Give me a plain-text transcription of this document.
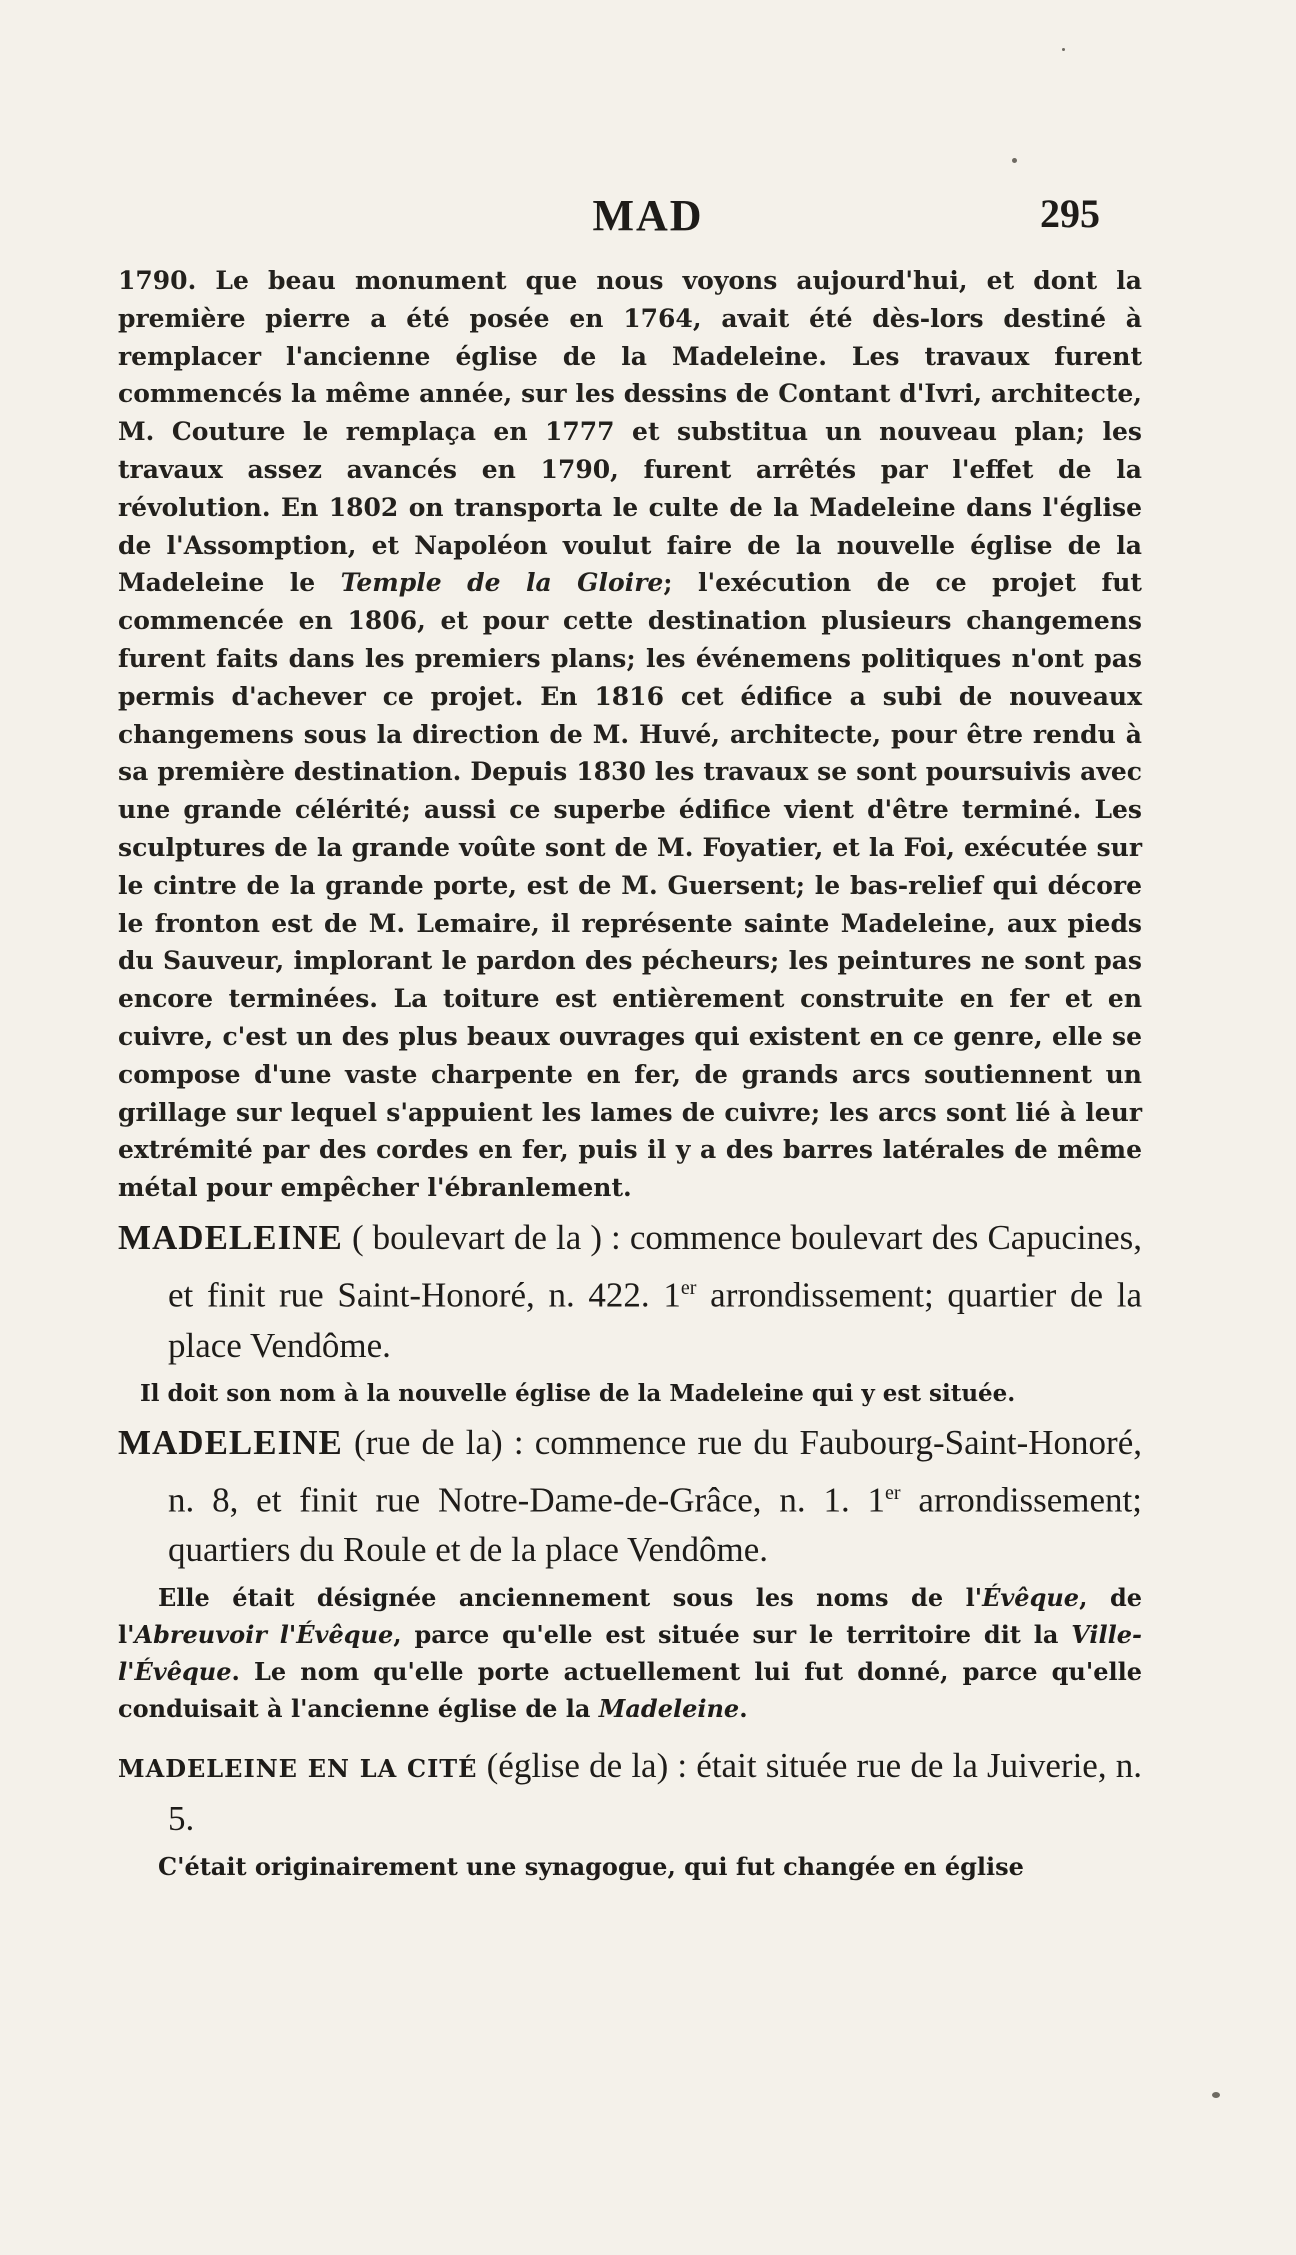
MAD	295

1790. Le beau monument que nous voyons aujourd'hui, et dont la première pierre a été posée en 1764, avait été dès-lors destiné à remplacer l'ancienne église de la Madeleine. Les travaux furent commencés la même année, sur les dessins de Contant d'Ivri, architecte, M. Couture le remplaça en 1777 et substitua un nouveau plan; les travaux assez avancés en 1790, furent arrêtés par l'effet de la révolution. En 1802 on transporta le culte de la Madeleine dans l'église de l'Assomption, et Napoléon voulut faire de la nouvelle église de la Madeleine le Temple de la Gloire; l'exécution de ce projet fut commencée en 1806, et pour cette destination plusieurs changemens furent faits dans les premiers plans; les événemens politiques n'ont pas permis d'achever ce projet. En 1816 cet édifice a subi de nouveaux changemens sous la direction de M. Huvé, architecte, pour être rendu à sa première destination. Depuis 1830 les travaux se sont poursuivis avec une grande célérité; aussi ce superbe édifice vient d'être terminé. Les sculptures de la grande voûte sont de M. Foyatier, et la Foi, exécutée sur le cintre de la grande porte, est de M. Guersent; le bas-relief qui décore le fronton est de M. Lemaire, il représente sainte Madeleine, aux pieds du Sauveur, implorant le pardon des pécheurs; les peintures ne sont pas encore terminées. La toiture est entièrement construite en fer et en cuivre, c'est un des plus beaux ouvrages qui existent en ce genre, elle se compose d'une vaste charpente en fer, de grands arcs soutiennent un grillage sur lequel s'appuient les lames de cuivre; les arcs sont lié à leur extrémité par des cordes en fer, puis il y a des barres latérales de même métal pour empêcher l'ébranlement.

MADELEINE ( boulevart de la ) : commence boulevart des Capucines, et finit rue Saint-Honoré, n. 422. 1er arrondissement; quartier de la place Vendôme.

Il doit son nom à la nouvelle église de la Madeleine qui y est située.

MADELEINE (rue de la) : commence rue du Faubourg-Saint-Honoré, n. 8, et finit rue Notre-Dame-de-Grâce, n. 1. 1er arrondissement; quartiers du Roule et de la place Vendôme.

Elle était désignée anciennement sous les noms de l'Évêque, de l'Abreuvoir l'Évêque, parce qu'elle est située sur le territoire dit la Ville-l'Évêque. Le nom qu'elle porte actuellement lui fut donné, parce qu'elle conduisait à l'ancienne église de la Madeleine.

MADELEINE EN LA CITÉ (église de la) : était située rue de la Juiverie, n. 5.

C'était originairement une synagogue, qui fut changée en église
